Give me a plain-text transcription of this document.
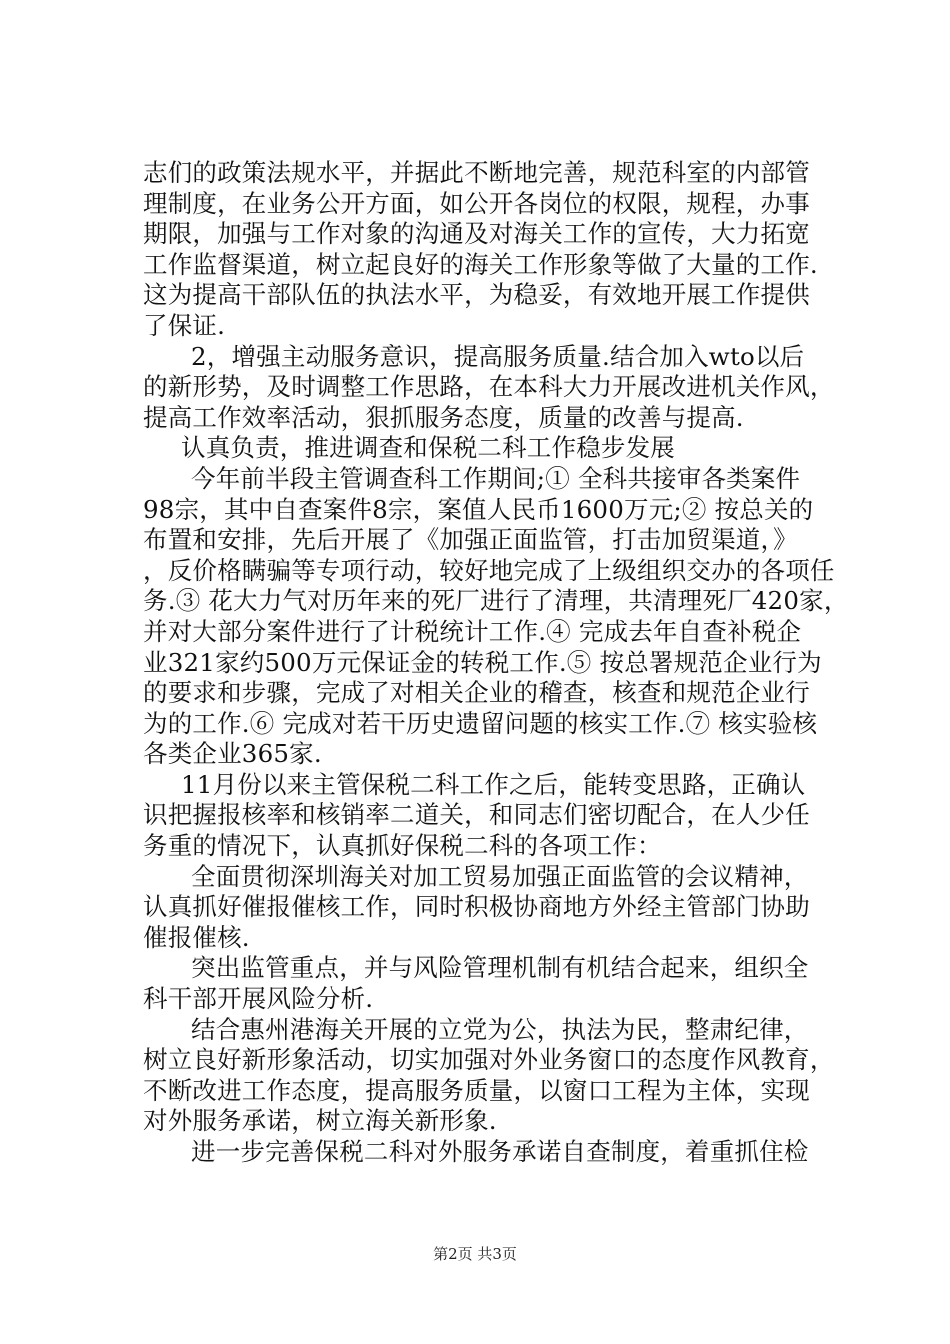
志们的政策法规水平，并据此不断地完善，规范科室的内部管
理制度，在业务公开方面，如公开各岗位的权限，规程，办事
期限，加强与工作对象的沟通及对海关工作的宣传，大力拓宽
工作监督渠道，树立起良好的海关工作形象等做了大量的工作.
这为提高干部队伍的执法水平，为稳妥，有效地开展工作提供
了保证.
2，增强主动服务意识，提高服务质量.结合加入wto以后
的新形势，及时调整工作思路，在本科大力开展改进机关作风，
提高工作效率活动，狠抓服务态度，质量的改善与提高.
认真负责，推进调查和保税二科工作稳步发展
今年前半段主管调查科工作期间;① 全科共接审各类案件
98宗，其中自查案件8宗，案值人民币1600万元;② 按总关的
布置和安排，先后开展了《加强正面监管，打击加贸渠道，》
，反价格瞒骗等专项行动，较好地完成了上级组织交办的各项任
务.③ 花大力气对历年来的死厂进行了清理，共清理死厂420家，
并对大部分案件进行了计税统计工作.④ 完成去年自查补税企
业321家约500万元保证金的转税工作.⑤ 按总署规范企业行为
的要求和步骤，完成了对相关企业的稽查，核查和规范企业行
为的工作.⑥ 完成对若干历史遗留问题的核实工作.⑦ 核实验核
各类企业365家.
11月份以来主管保税二科工作之后，能转变思路，正确认
识把握报核率和核销率二道关，和同志们密切配合，在人少任
务重的情况下，认真抓好保税二科的各项工作：
全面贯彻深圳海关对加工贸易加强正面监管的会议精神，
认真抓好催报催核工作，同时积极协商地方外经主管部门协助
催报催核.
突出监管重点，并与风险管理机制有机结合起来，组织全
科干部开展风险分析.
结合惠州港海关开展的立党为公，执法为民，整肃纪律，
树立良好新形象活动，切实加强对外业务窗口的态度作风教育，
不断改进工作态度，提高服务质量，以窗口工程为主体，实现
对外服务承诺，树立海关新形象.
进一步完善保税二科对外服务承诺自查制度，着重抓住检
第2页 共3页
